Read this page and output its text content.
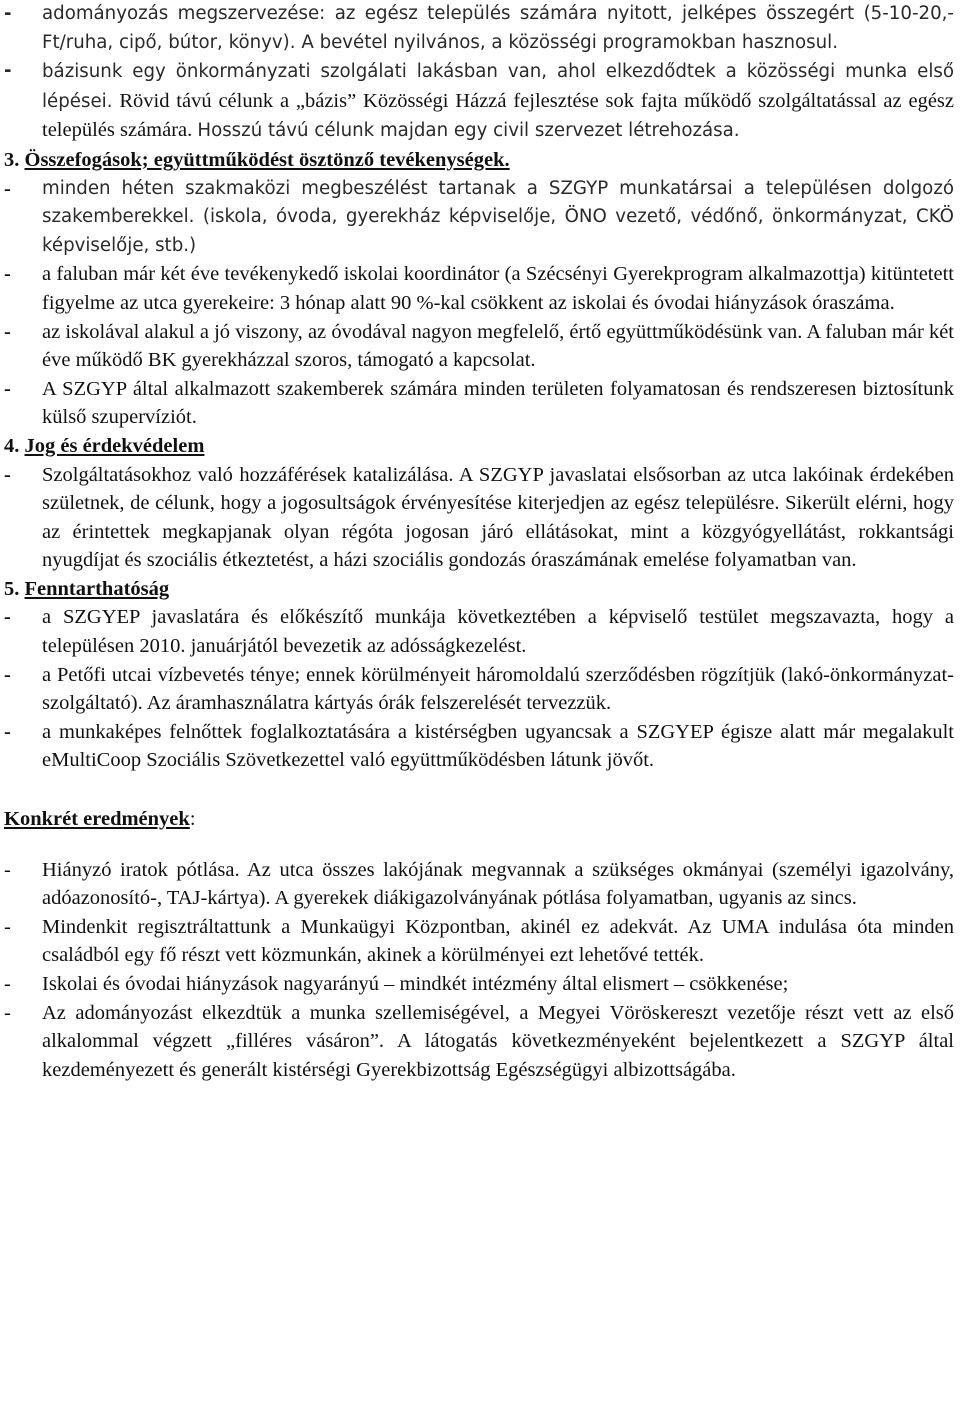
-	adományozás megszervezése: az egész település számára nyitott, jelképes összegért (5-10-20,-Ft/ruha, cipő, bútor, könyv). A bevétel nyilvános, a közösségi programokban hasznosul.
-	bázisunk egy önkormányzati szolgálati lakásban van, ahol elkezdődtek a közösségi munka első lépései. Rövid távú célunk a „bázis” Közösségi Házzá fejlesztése sok fajta működő szolgáltatással az egész település számára. Hosszú távú célunk majdan egy civil szervezet létrehozása.
3. Összefogások; együttműködést ösztönző tevékenységek.
-	minden héten szakmaközi megbeszélést tartanak a SZGYP munkatársai a településen dolgozó szakemberekkel. (iskola, óvoda, gyerekház képviselője, ÖNO vezető, védőnő, önkormányzat, CKÖ képviselője, stb.)
-	a faluban már két éve tevékenykedő iskolai koordinátor (a Szécsényi Gyerekprogram alkalmazottja) kitüntetett figyelme az utca gyerekeire: 3 hónap alatt 90 %-kal csökkent az iskolai és óvodai hiányzások óraszáma.
-	az iskolával alakul a jó viszony, az óvodával nagyon megfelelő, értő együttműködésünk van. A faluban már két éve működő BK gyerekházzal szoros, támogató a kapcsolat.
-	A SZGYP által alkalmazott szakemberek számára minden területen folyamatosan és rendszeresen biztosítunk külső szupervíziót.
4. Jog és érdekvédelem
-	Szolgáltatásokhoz való hozzáférések katalizálása. A SZGYP javaslatai elsősorban az utca lakóinak érdekében születnek, de célunk, hogy a jogosultságok érvényesítése kiterjedjen az egész településre. Sikerült elérni, hogy az érintettek megkapjanak olyan régóta jogosan járó ellátásokat, mint a közgyógyellátást, rokkantsági nyugdíjat és szociális étkeztetést, a házi szociális gondozás óraszámának emelése folyamatban van.
5. Fenntarthatóság
-	a SZGYEP javaslatára és előkészítő munkája következtében a képviselő testület megszavazta, hogy a településen 2010. januárjától bevezetik az adósságkezelést.
-	a Petőfi utcai vízbevetés ténye; ennek körülményeit háromoldalú szerződésben rögzítjük (lakó-önkormányzat-szolgáltató). Az áramhasználatra kártyás órák felszerelését tervezzük.
-	a munkaképes felnőttek foglalkoztatására a kistérségben ugyancsak a SZGYEP égisze alatt már megalakult eMultiCoop Szociális Szövetkezettel való együttműködésben látunk jövőt.
Konkrét eredmények:
-	Hiányzó iratok pótlása. Az utca összes lakójának megvannak a szükséges okmányai (személyi igazolvány, adóazonosító-, TAJ-kártya). A gyerekek diákigazolványának pótlása folyamatban, ugyanis az sincs.
-	Mindenkit regisztráltattunk a Munkaügyi Központban, akinél ez adekvát. Az UMA indulása óta minden családból egy fő részt vett közmunkán, akinek a körülményei ezt lehetővé tették.
-	Iskolai és óvodai hiányzások nagyarányú – mindkét intézmény által elismert – csökkenése;
-	Az adományozást elkezdtük a munka szellemiségével, a Megyei Vöröskereszt vezetője részt vett az első alkalommal végzett „filléres vásáron”. A látogatás következményeként bejelentkezett a SZGYP által kezdeményezett és generált kistérségi Gyerekbizottság Egészségügyi albizottságába.
